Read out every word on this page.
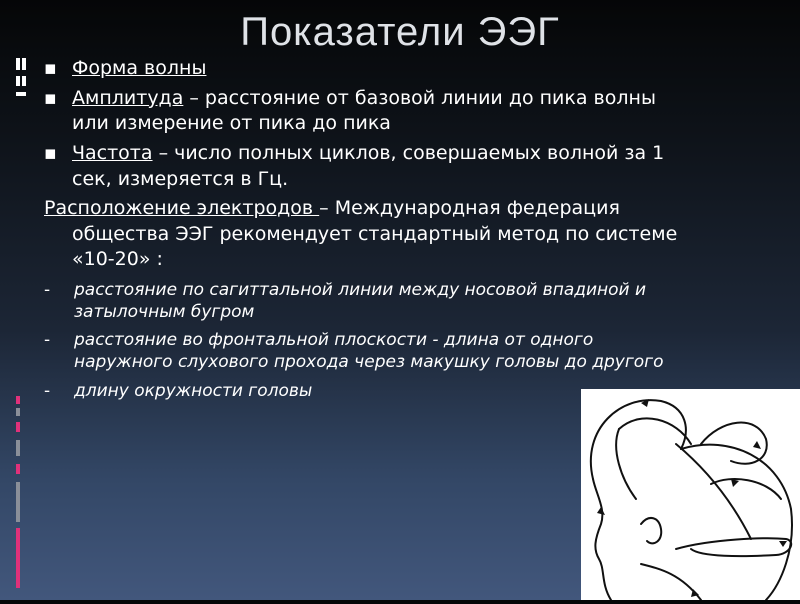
Показатели ЭЭГ
▪ Форма волны
▪ Амплитуда – расстояние от базовой линии до пика волны или измерение от пика до пика
▪ Частота – число полных циклов, совершаемых волной за 1 сек, измеряется в Гц.
Расположение электродов – Международная федерация
общества ЭЭГ рекомендует стандартный метод по системе «10-20» :
- расстояние по сагиттальной линии между носовой впадиной и затылочным бугром
- расстояние во фронтальной плоскости - длина от одного наружного слухового прохода через макушку головы до другого
- длину окружности головы
